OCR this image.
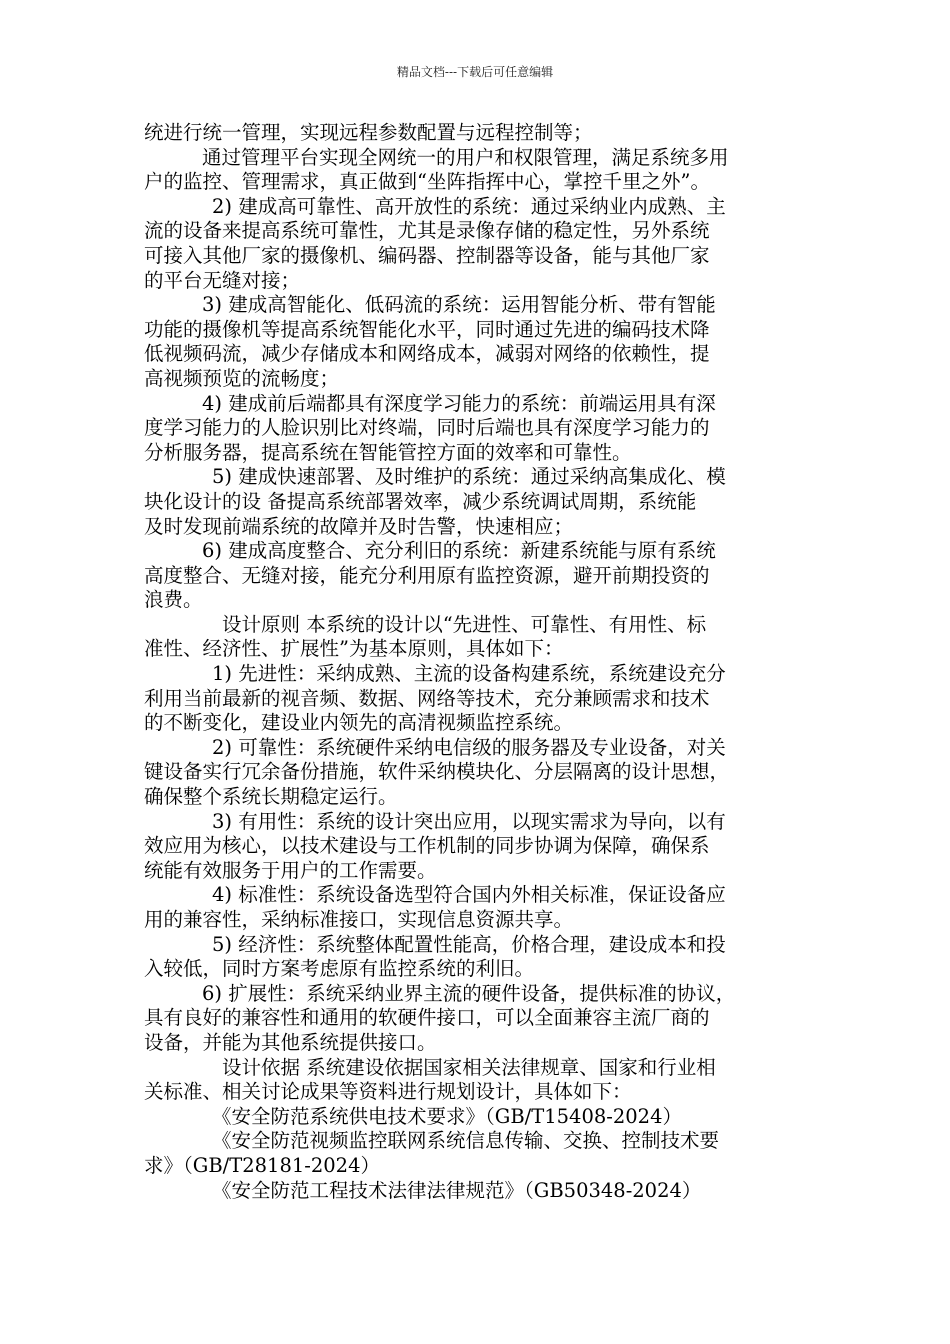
精品文档---下载后可任意编辑
统进行统一管理，实现远程参数配置与远程控制等；
通过管理平台实现全网统一的用户和权限管理，满足系统多用
户的监控、管理需求，真正做到“坐阵指挥中心，掌控千里之外”。
2) 建成高可靠性、高开放性的系统：通过采纳业内成熟、主
流的设备来提高系统可靠性，尤其是录像存储的稳定性，另外系统
可接入其他厂家的摄像机、编码器、控制器等设备，能与其他厂家
的平台无缝对接；
3) 建成高智能化、低码流的系统：运用智能分析、带有智能
功能的摄像机等提高系统智能化水平，同时通过先进的编码技术降
低视频码流，减少存储成本和网络成本，减弱对网络的依赖性，提
高视频预览的流畅度；
4) 建成前后端都具有深度学习能力的系统：前端运用具有深
度学习能力的人脸识别比对终端，同时后端也具有深度学习能力的
分析服务器，提高系统在智能管控方面的效率和可靠性。
5) 建成快速部署、及时维护的系统：通过采纳高集成化、模
块化设计的设 备提高系统部署效率，减少系统调试周期，系统能
及时发现前端系统的故障并及时告警，快速相应；
6) 建成高度整合、充分利旧的系统：新建系统能与原有系统
高度整合、无缝对接，能充分利用原有监控资源，避开前期投资的
浪费。
设计原则 本系统的设计以“先进性、可靠性、有用性、标
准性、经济性、扩展性”为基本原则，具体如下：
1) 先进性：采纳成熟、主流的设备构建系统，系统建设充分
利用当前最新的视音频、数据、网络等技术，充分兼顾需求和技术
的不断变化，建设业内领先的高清视频监控系统。
2) 可靠性：系统硬件采纳电信级的服务器及专业设备，对关
键设备实行冗余备份措施，软件采纳模块化、分层隔离的设计思想，
确保整个系统长期稳定运行。
3) 有用性：系统的设计突出应用，以现实需求为导向，以有
效应用为核心，以技术建设与工作机制的同步协调为保障，确保系
统能有效服务于用户的工作需要。
4) 标准性：系统设备选型符合国内外相关标准，保证设备应
用的兼容性，采纳标准接口，实现信息资源共享。
5) 经济性：系统整体配置性能高，价格合理，建设成本和投
入较低，同时方案考虑原有监控系统的利旧。
6) 扩展性：系统采纳业界主流的硬件设备，提供标准的协议，
具有良好的兼容性和通用的软硬件接口，可以全面兼容主流厂商的
设备，并能为其他系统提供接口。
设计依据 系统建设依据国家相关法律规章、国家和行业相
关标准、相关讨论成果等资料进行规划设计，具体如下：
《安全防范系统供电技术要求》（GB/T15408-2024）
《安全防范视频监控联网系统信息传输、交换、控制技术要
求》（GB/T28181-2024）
《安全防范工程技术法律法律规范》（GB50348-2024）
